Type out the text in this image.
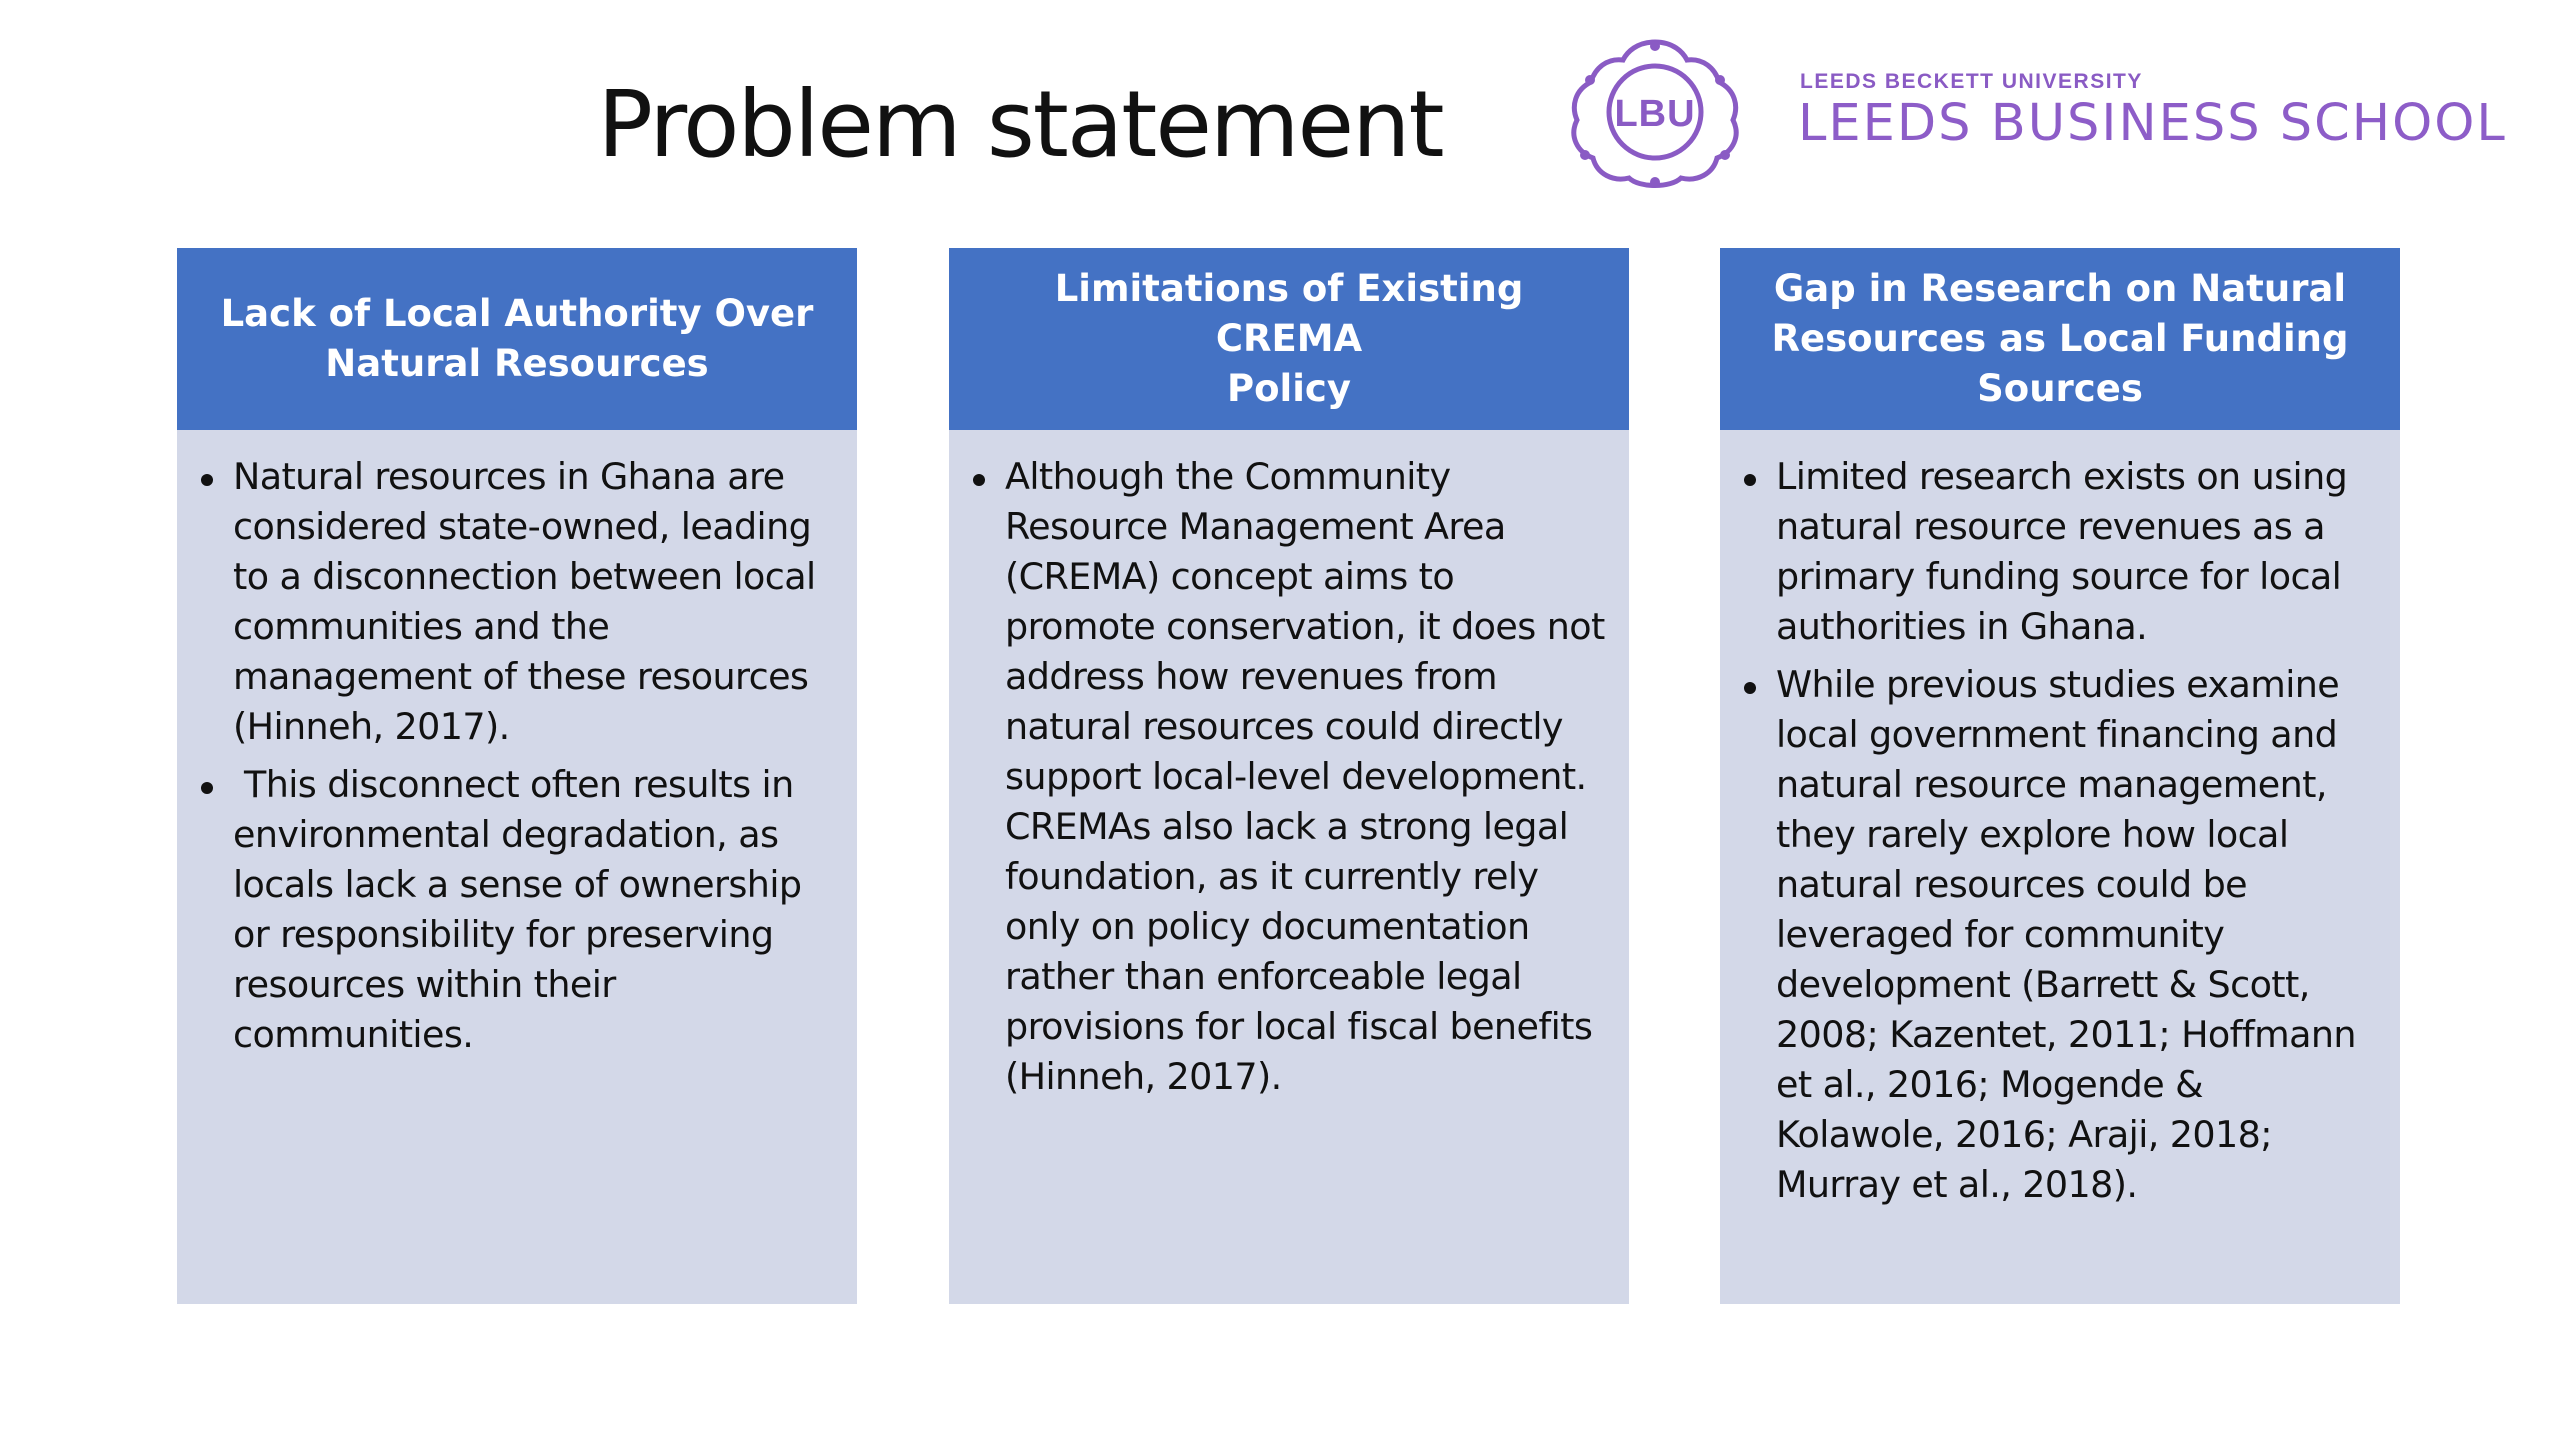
Problem statement	LBU
LEEDS BECKETT UNIVERSITY
LEEDS BUSINESS SCHOOL
Lack of Local Authority Over
Natural Resources
Natural resources in Ghana are considered state-owned, leading to a disconnection between local communities and the management of these resources (Hinneh, 2017).
This disconnect often results in environmental degradation, as locals lack a sense of ownership or responsibility for preserving resources within their communities.
Limitations of Existing CREMA
Policy
Although the Community Resource Management Area (CREMA) concept aims to promote conservation, it does not address how revenues from natural resources could directly support local-level development. CREMAs also lack a strong legal foundation, as it currently rely only on policy documentation rather than enforceable legal provisions for local fiscal benefits (Hinneh, 2017).
Gap in Research on Natural
Resources as Local Funding
Sources
Limited research exists on using natural resource revenues as a primary funding source for local authorities in Ghana.
While previous studies examine local government financing and natural resource management, they rarely explore how local natural resources could be leveraged for community development (Barrett & Scott, 2008; Kazentet, 2011; Hoffmann et al., 2016; Mogende & Kolawole, 2016; Araji, 2018; Murray et al., 2018).
